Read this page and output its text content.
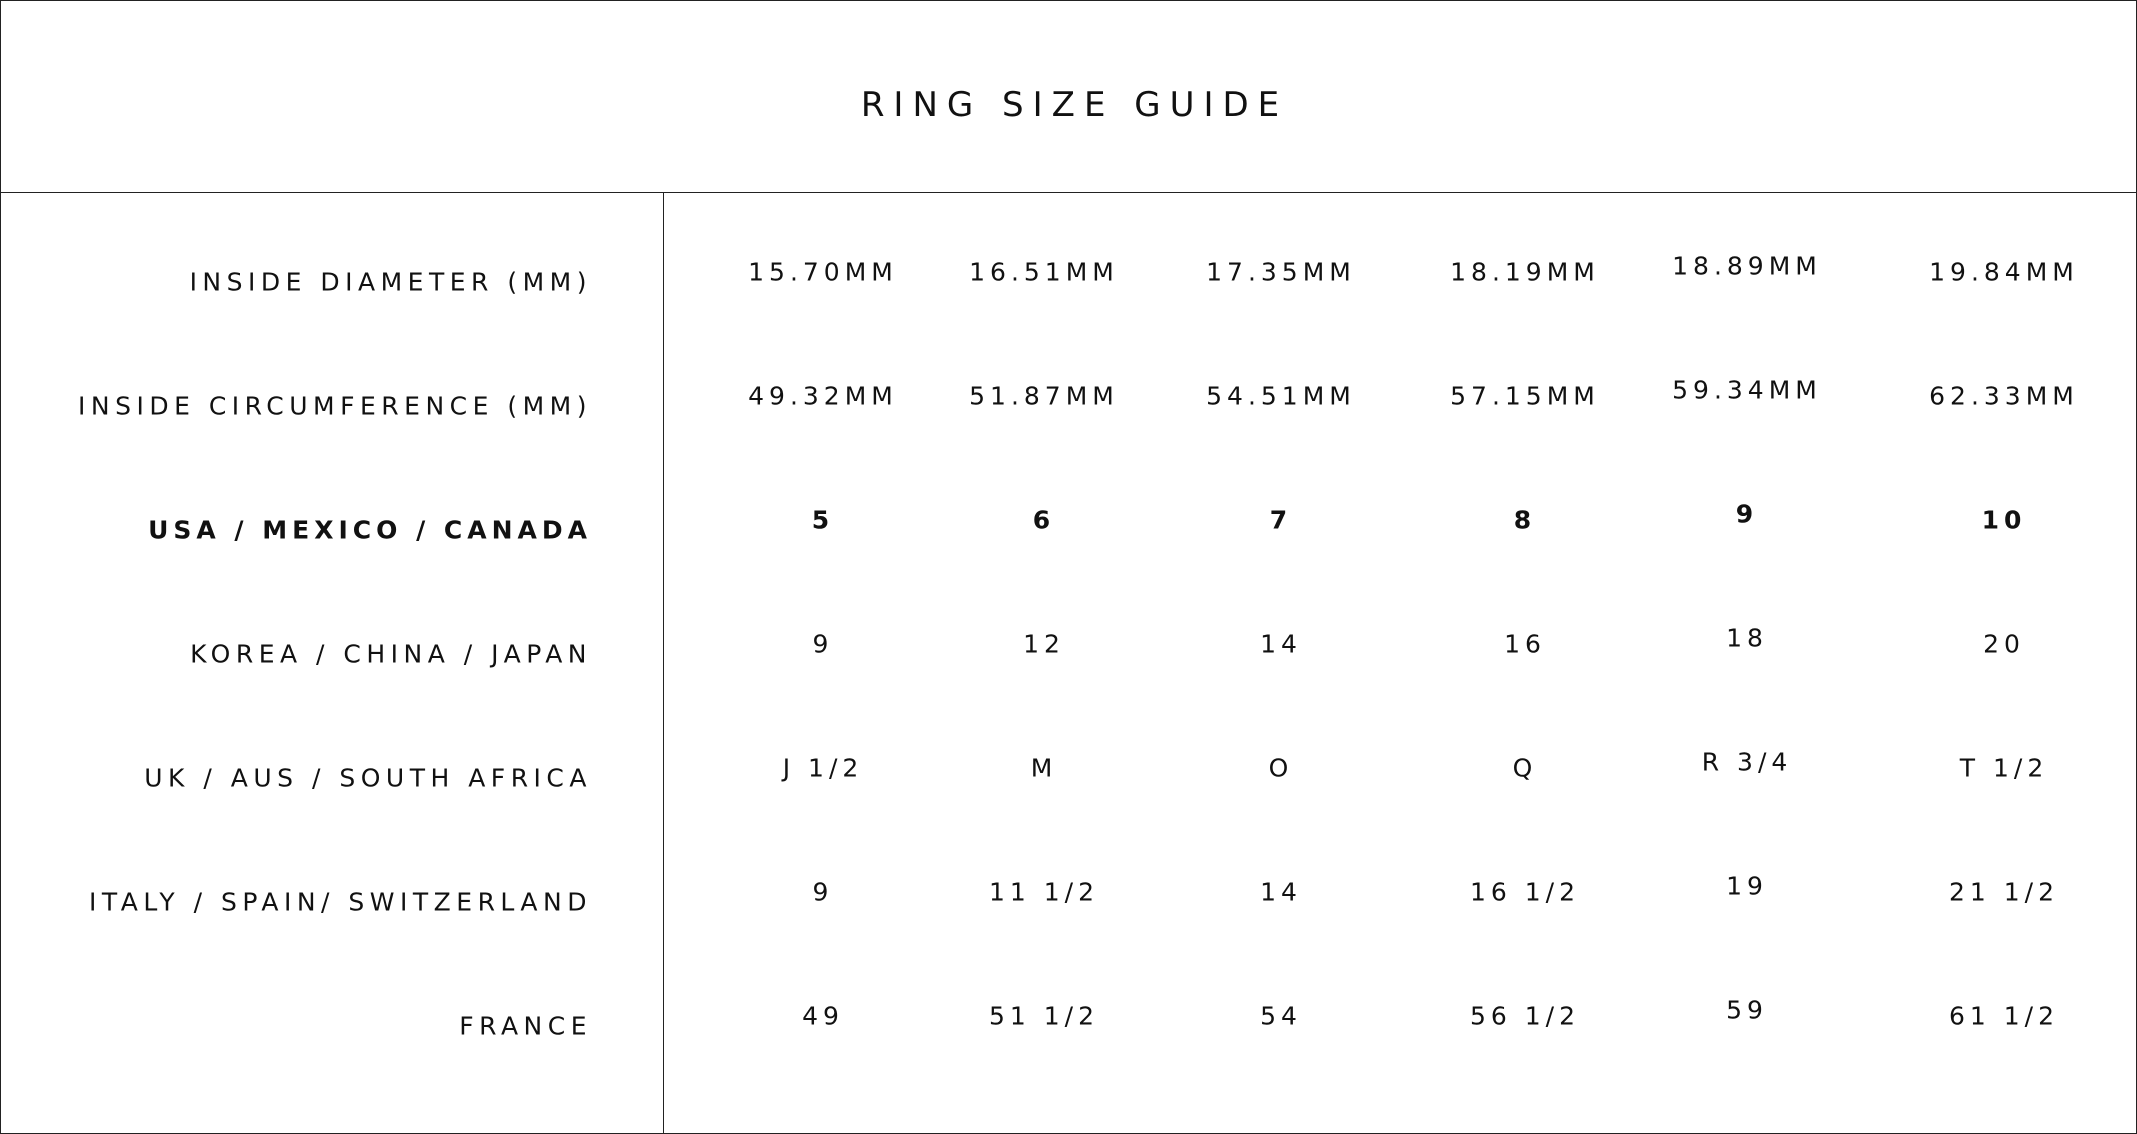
RING SIZE GUIDE
INSIDE DIAMETER (MM)	15.70MM	16.51MM	17.35MM	18.19MM	18.89MM	19.84MM
INSIDE CIRCUMFERENCE (MM)	49.32MM	51.87MM	54.51MM	57.15MM	59.34MM	62.33MM
USA / MEXICO / CANADA	5	6	7	8	9	10
KOREA / CHINA / JAPAN	9	12	14	16	18	20
UK / AUS / SOUTH AFRICA	J 1/2	M	O	Q	R 3/4	T 1/2
ITALY / SPAIN/ SWITZERLAND	9	11 1/2	14	16 1/2	19	21 1/2
FRANCE	49	51 1/2	54	56 1/2	59	61 1/2
